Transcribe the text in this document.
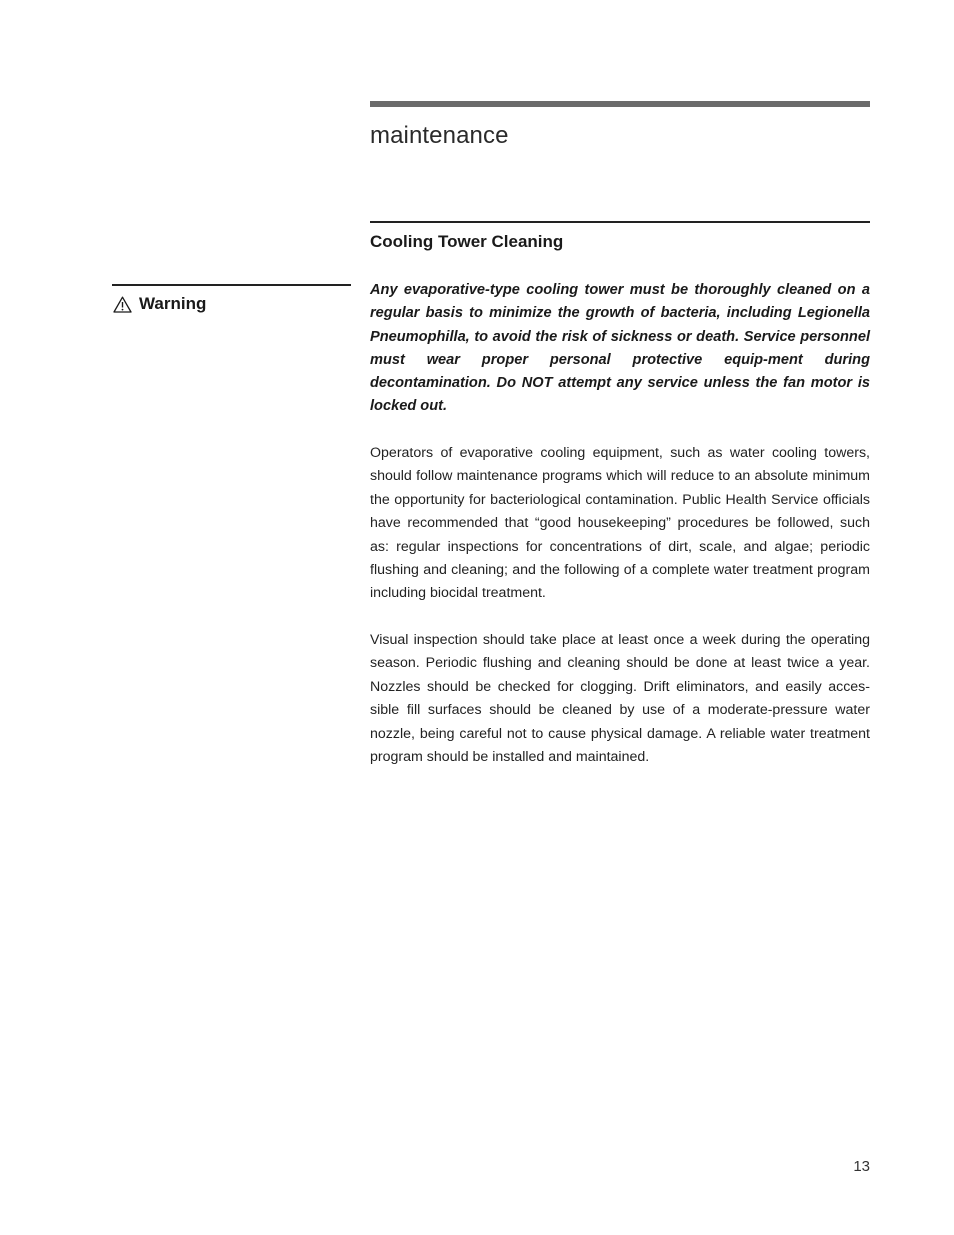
maintenance
Cooling Tower Cleaning
Warning
Any evaporative-type cooling tower must be thoroughly cleaned on a regular basis to minimize the growth of bacteria, including Legionella Pneumophilla, to avoid the risk of sickness or death. Service personnel must wear proper personal protective equip-ment during decontamination. Do NOT attempt any service unless the fan motor is locked out.
Operators of evaporative cooling equipment, such as water cooling towers, should follow maintenance programs which will reduce to an absolute minimum the opportunity for bacteriological contamination. Public Health Service officials have recommended that “good housekeeping” procedures be followed, such as: regular inspections for concentrations of dirt, scale, and algae; periodic flushing and cleaning; and the following of a complete water treatment program including biocidal treatment.
Visual inspection should take place at least once a week during the operating season. Periodic flushing and cleaning should be done at least twice a year. Nozzles should be checked for clogging. Drift eliminators, and easily acces-sible fill surfaces should be cleaned by use of a moderate-pressure water nozzle, being careful not to cause physical damage. A reliable water treatment program should be installed and maintained.
13
